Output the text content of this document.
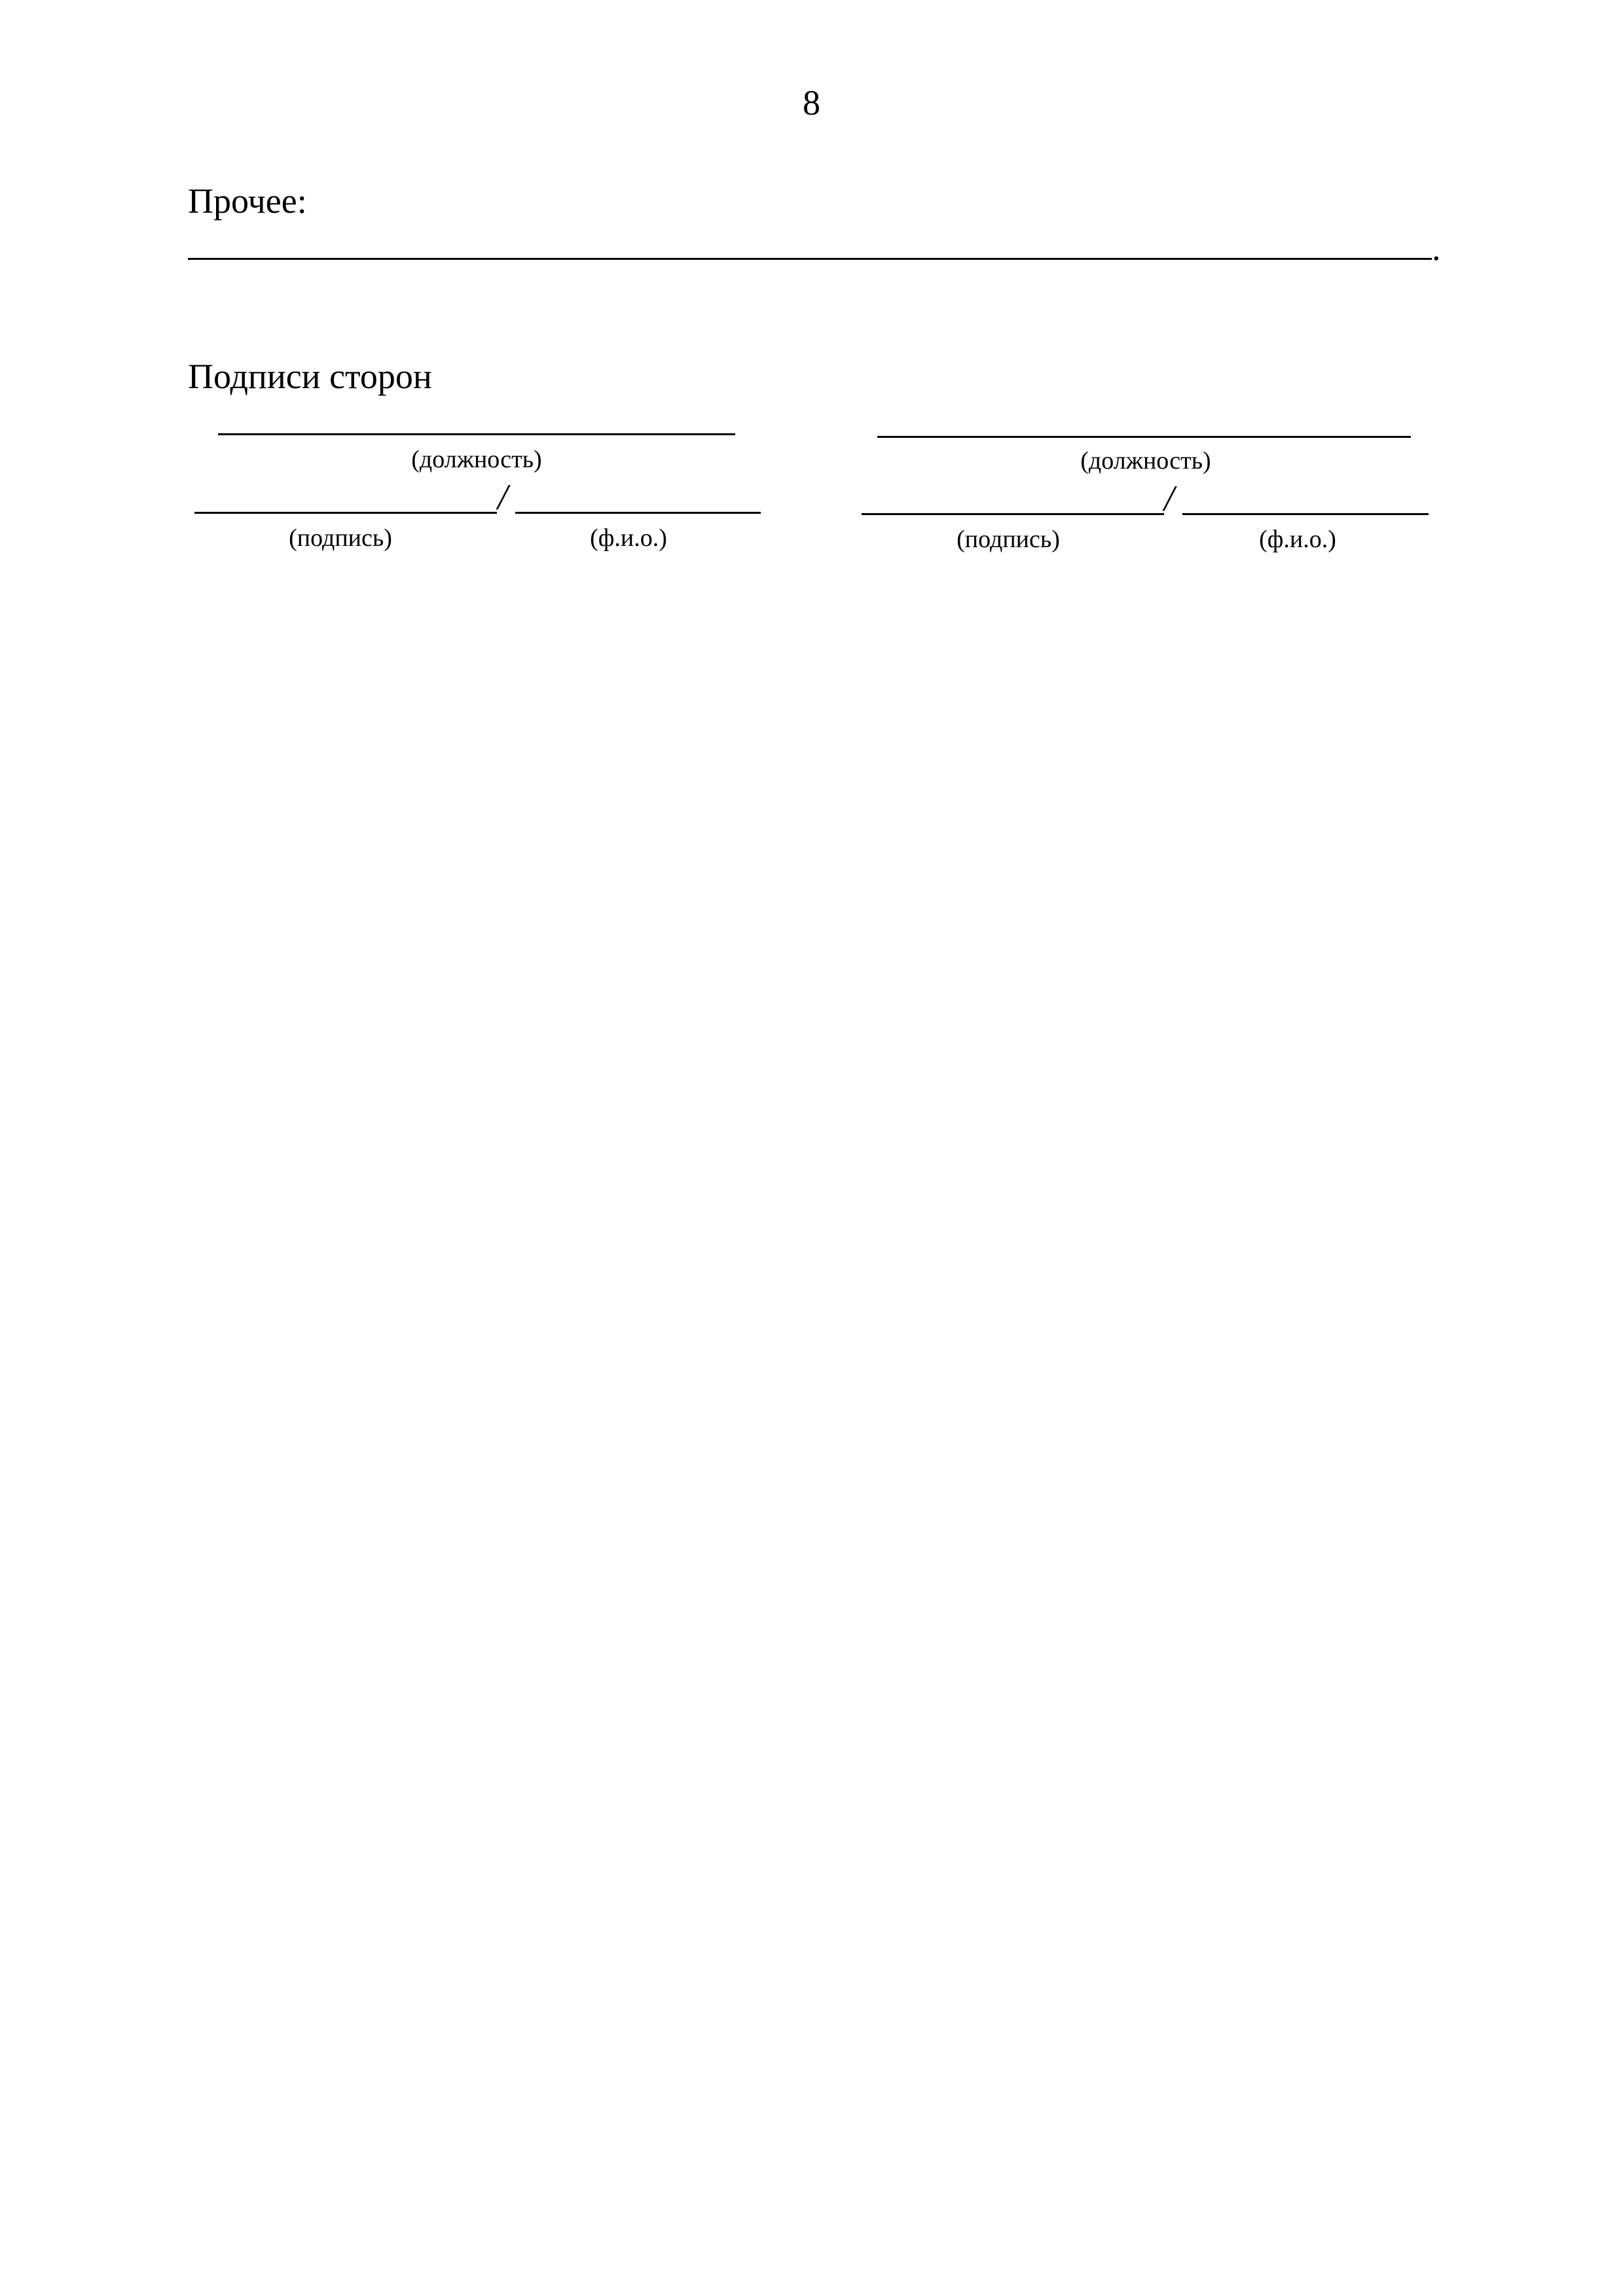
8
Прочее:
.
Подписи сторон
(должность)
/
(подпись)	(ф.и.о.)
(должность)
/
(подпись)	(ф.и.о.)
